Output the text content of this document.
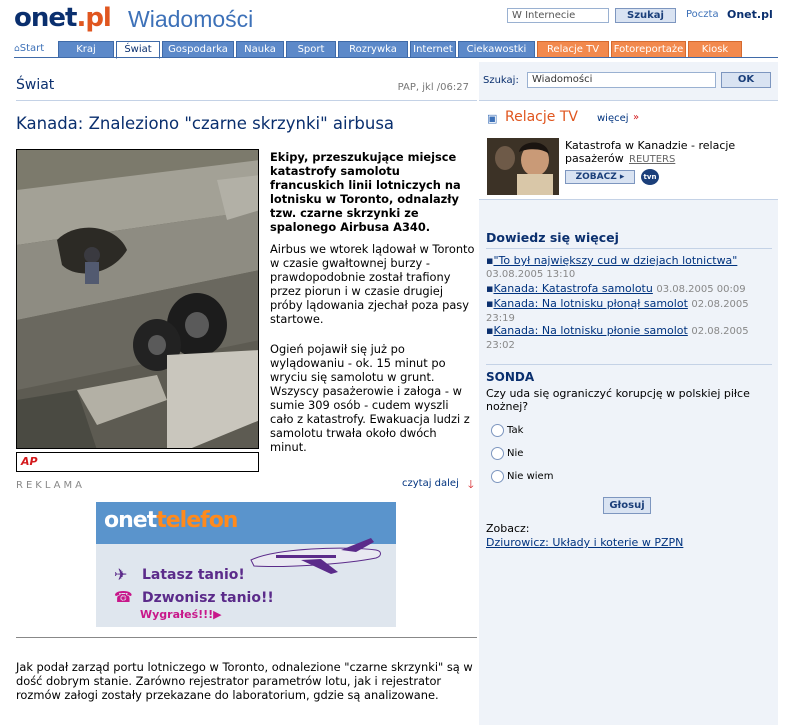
onet.pl Wiadomości	W Internecie	Szukaj	Poczta Onet.pl
⌂Start	Kraj	Świat	Gospodarka	Nauka	Sport	Rozrywka	Internet	Ciekawostki	Relacje TV	Fotoreportaże	Kiosk
Świat	PAP, jkl /06:27
Kanada: Znaleziono "czarne skrzynki" airbusa
AP
Ekipy, przeszukujące miejsce katastrofy samolotu francuskich linii lotniczych na lotnisku w Toronto, odnalazły tzw. czarne skrzynki ze spalonego Airbusa A340.
Airbus we wtorek lądował w Toronto w czasie gwałtownej burzy - prawdopodobnie został trafiony przez piorun i w czasie drugiej próby lądowania zjechał poza pasy startowe.
Ogień pojawił się już po wylądowaniu - ok. 15 minut po wryciu się samolotu w grunt. Wszyscy pasażerowie i załoga - w sumie 309 osób - cudem wyszli cało z katastrofy. Ewakuacja ludzi z samolotu trwała około dwóch minut.
REKLAMA	czytaj dalej 🡓
onettelefon
✈
☎
Latasz tanio!
Dzwonisz tanio!!
Wygrałeś!!!▶
Jak podał zarząd portu lotniczego w Toronto, odnalezione "czarne skrzynki" są w dość dobrym stanie. Zarówno rejestrator parametrów lotu, jak i rejestrator rozmów załogi zostały przekazane do laboratorium, gdzie są analizowane.
Szukaj:	Wiadomości	OK
▣ Relacje TV więcej »
Katastrofa w Kanadzie - relacje pasażerów REUTERS
ZOBACZ ▸	tvn
Dowiedz się więcej
▪"To był największy cud w dziejach lotnictwa" 03.08.2005 13:10
▪Kanada: Katastrofa samolotu 03.08.2005 00:09
▪Kanada: Na lotnisku płonął samolot 02.08.2005 23:19
▪Kanada: Na lotnisku płonie samolot 02.08.2005 23:02
SONDA
Czy uda się ograniczyć korupcję w polskiej piłce nożnej?
Tak
Nie
Nie wiem
Głosuj
Zobacz:
Dziurowicz: Układy i koterie w PZPN
